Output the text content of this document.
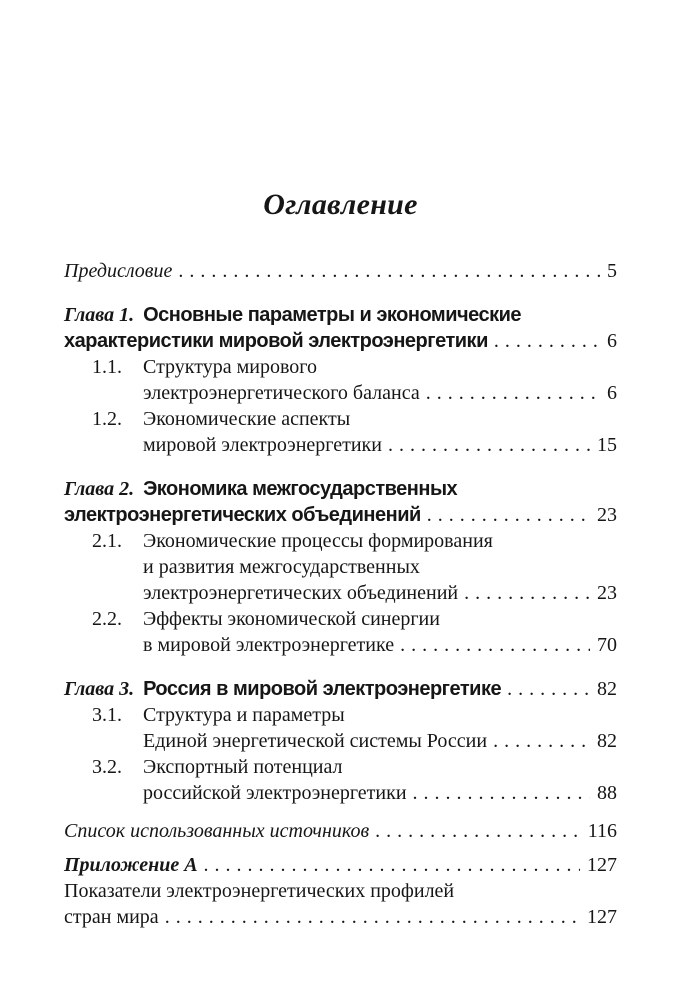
Оглавление
Предисловие . . .	5
Глава 1. Основные параметры и экономические
характеристики мировой электроэнергетики . . .	6
1.1.	Структура мирового
электроэнергетического баланса . . .	6
1.2.	Экономические аспекты
мировой электроэнергетики . . .	15
Глава 2. Экономика межгосударственных
электроэнергетических объединений . . .	23
2.1.	Экономические процессы формирования
и развития межгосударственных
электроэнергетических объединений . . .	23
2.2.	Эффекты экономической синергии
в мировой электроэнергетике . . .	70
Глава 3. Россия в мировой электроэнергетике . . .	82
3.1.	Структура и параметры
Единой энергетической системы России . . .	82
3.2.	Экспортный потенциал
российской электроэнергетики . . .	88
Список использованных источников . . .	116
Приложение А . . .	127
Показатели электроэнергетических профилей
стран мира . . .	127
